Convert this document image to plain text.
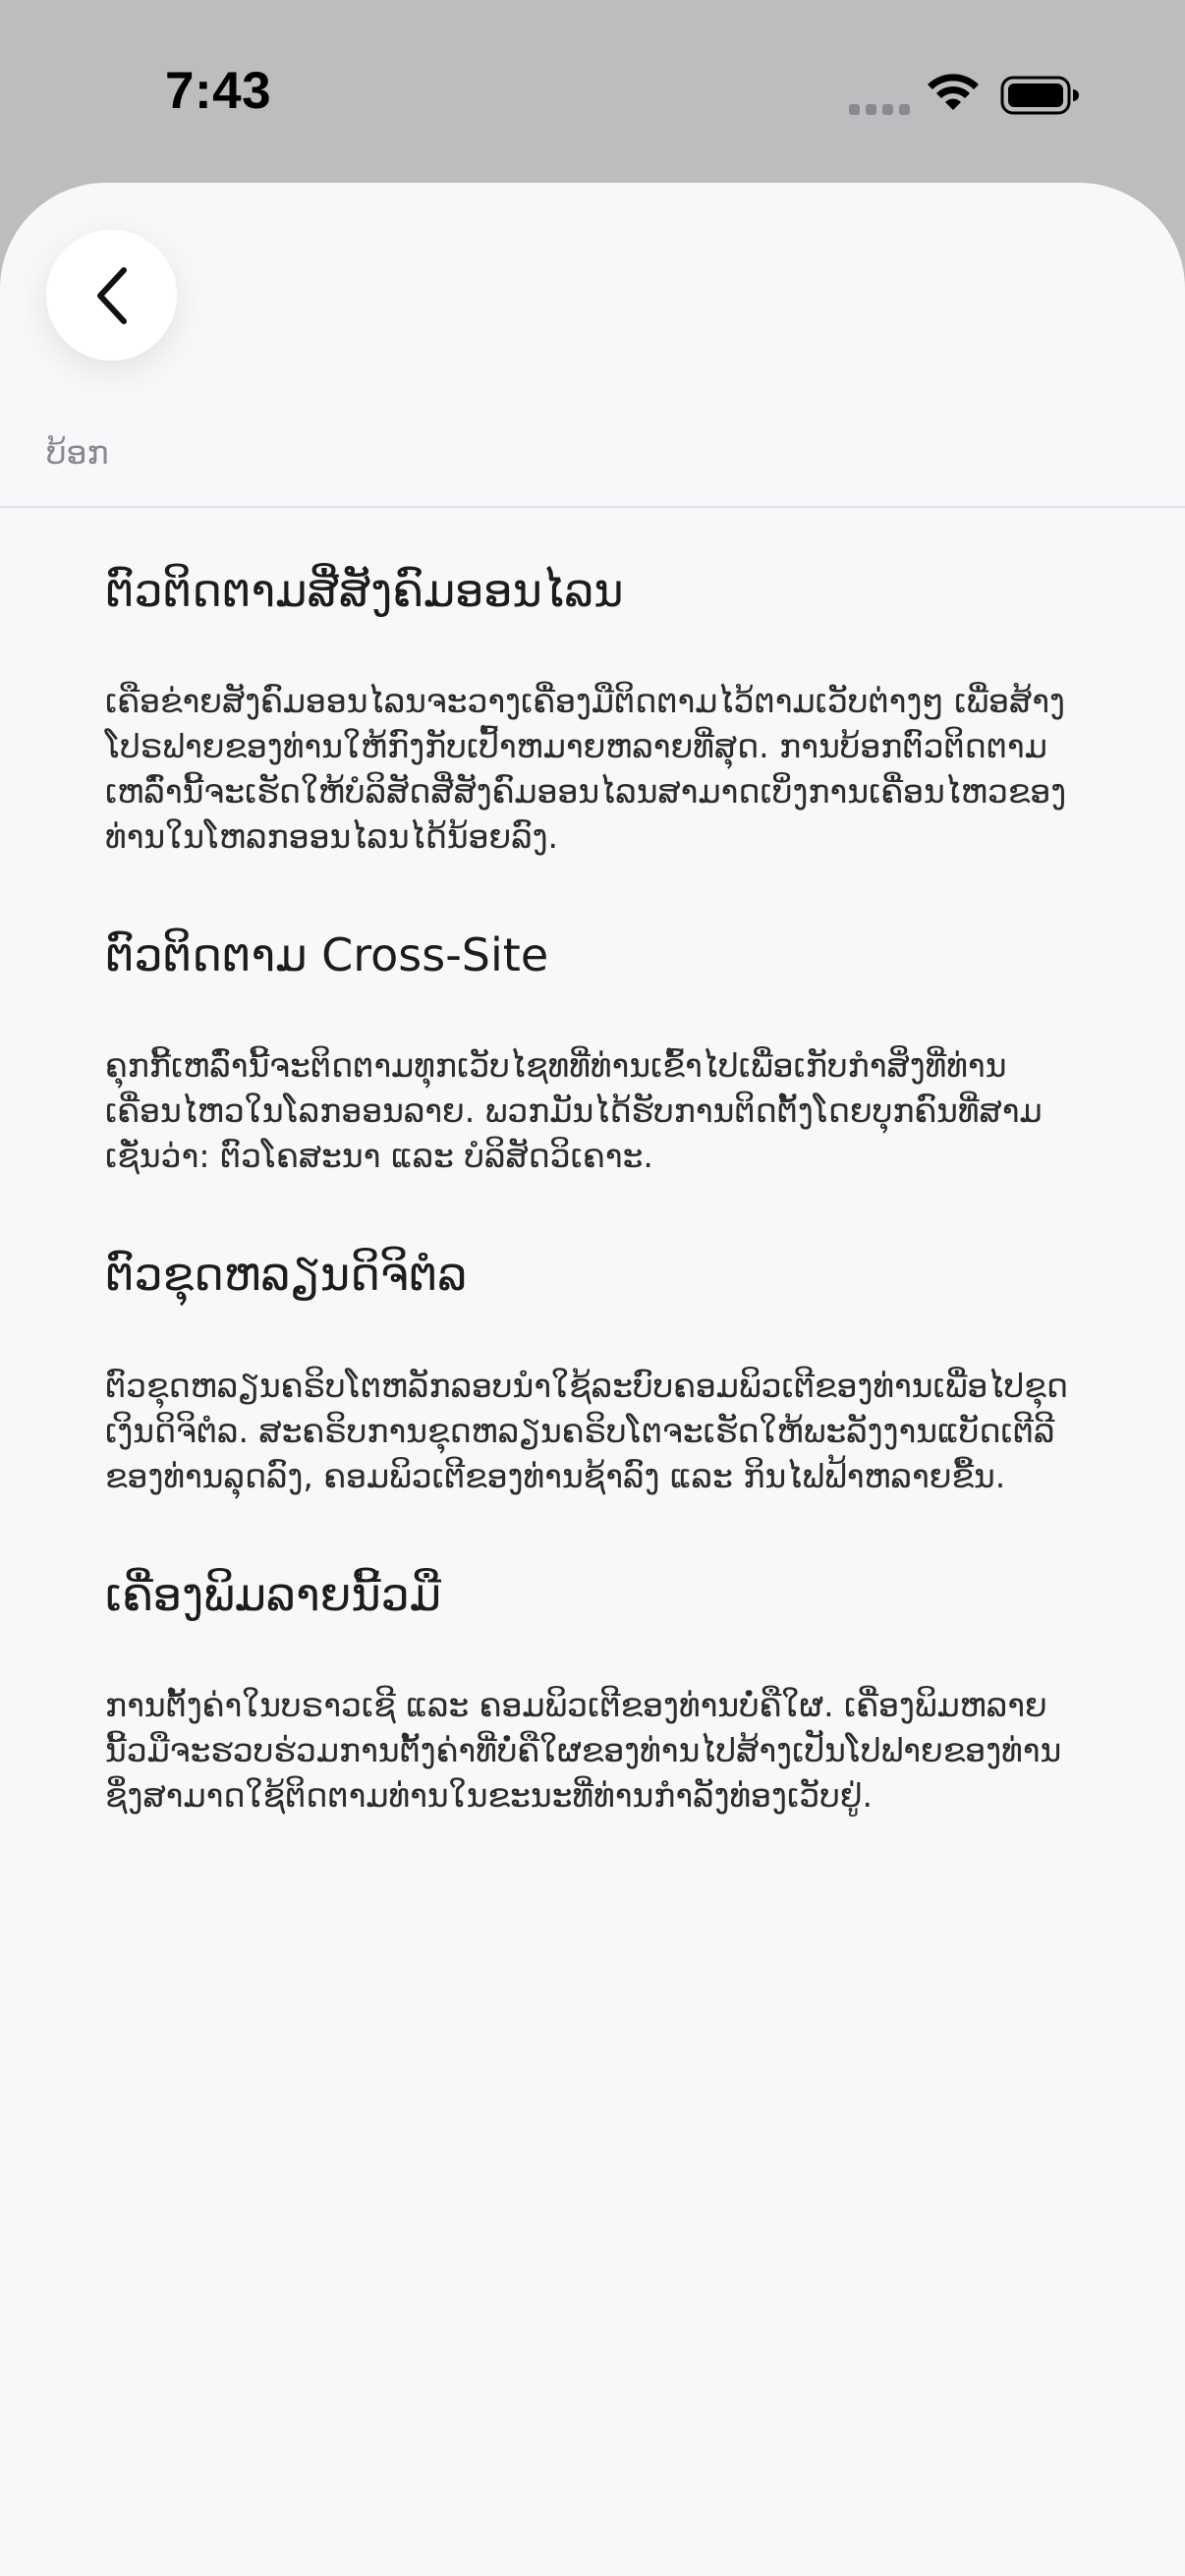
7:43
ບ້ອກ
ຕົວຕິດຕາມສື່ສັງຄົມອອນໄລນ

ເຄືອຂ່າຍສັງຄົມອອນໄລນຈະວາງເຄື່ອງມືຕິດຕາມໄວ້ຕາມເວັບຕ່າງໆ ເພື່ອສ້າງໂປຣຟາຍຂອງທ່ານໃຫ້ກົງກັບເປົ້າຫມາຍຫລາຍທີ່ສຸດ. ການບ້ອກຕົວຕິດຕາມເຫລົ່ານີ້ຈະເຮັດໃຫ້ບໍລິສັດສື່ສັງຄົມອອນໄລນສາມາດເບິ່ງການເຄື່ອນໄຫວຂອງທ່ານໃນໂຫລກອອນໄລນໄດ້ນ້ອຍລົງ.

ຕົວຕິດຕາມ Cross-Site

ຄຸກກີ້ເຫລົ່ານີ້ຈະຕິດຕາມທຸກເວັບໄຊທທີ່ທ່ານເຂົ້າໄປເພື່ອເກັບກຳສິ່ງທີ່ທ່ານເຄື່ອນໄຫວໃນໂລກອອນລາຍ. ພວກມັນໄດ້ຮັບການຕິດຕັ້ງໂດຍບຸກຄົນທີ່ສາມເຊັ່ນວ່າ: ຕົວໂຄສະນາ ແລະ ບໍລິສັດວິເຄາະ.

ຕົວຂຸດຫລຽນດິຈິຕໍລ

ຕົວຂຸດຫລຽນຄຣິບໂຕຫລັກລອບນຳໃຊ້ລະບົບຄອມພິວເຕີຂອງທ່ານເພື່ອໄປຂຸດເງິນດິຈິຕໍລ. ສະຄຣິບການຂຸດຫລຽນຄຣິບໂຕຈະເຮັດໃຫ້ພະລັງງານແບັດເຕີລີຂອງທ່ານລຸດລົງ, ຄອມພິວເຕີຂອງທ່ານຊ້າລົງ ແລະ ກິນໄຟຟ້າຫລາຍຂື້ນ.

ເຄື່ອງພິມລາຍນີ້ວມື

ການຕັ້ງຄ່າໃນບຣາວເຊີ ແລະ ຄອມພິວເຕີຂອງທ່ານບໍ່ຄືໃຜ. ເຄື່ອງພິມຫລາຍນີ້ວມືຈະຮວບຮ່ວມການຕັ້ງຄ່າທີ່ບໍ່ຄືໃຜຂອງທ່ານໄປສ້າງເປັນໂປຟາຍຂອງທ່ານ ຊຶ່ງສາມາດໃຊ້ຕິດຕາມທ່ານໃນຂະນະທີ່ທ່ານກຳລັງທ່ອງເວັບຢູ່.
